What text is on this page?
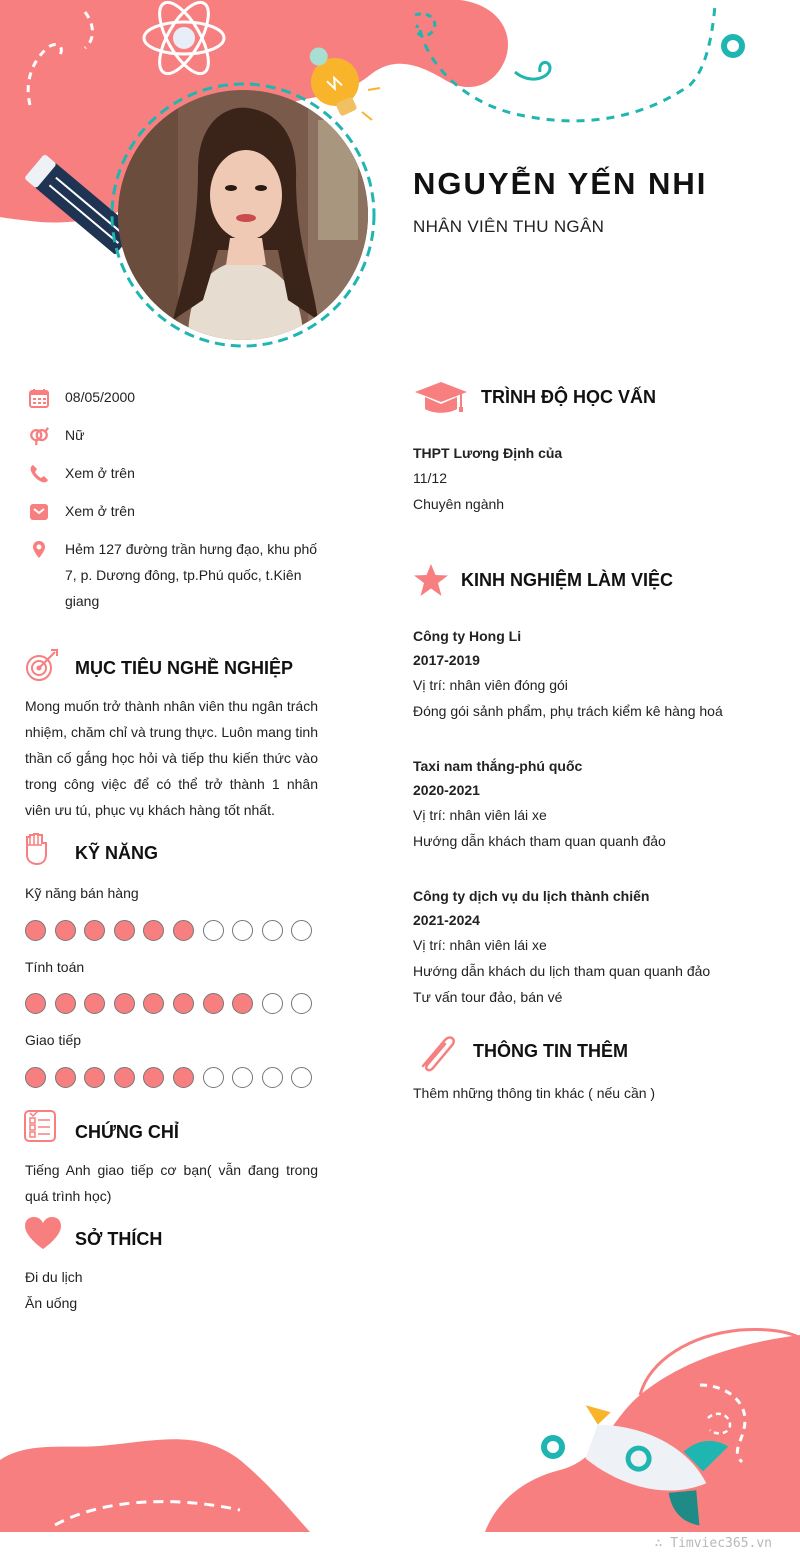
NGUYỄN YẾN NHI
NHÂN VIÊN THU NGÂN
08/05/2000
Nữ
Xem ở trên
Xem ở trên
Hẻm 127 đường trần hưng đạo, khu phố 7, p. Dương đông, tp.Phú quốc, t.Kiên giang
MỤC TIÊU NGHỀ NGHIỆP
Mong muốn trở thành nhân viên thu ngân trách nhiệm, chăm chỉ và trung thực. Luôn mang tinh thần cố gắng học hỏi và tiếp thu kiến thức vào trong công việc để có thể trở thành 1 nhân viên ưu tú, phục vụ khách hàng tốt nhất.
KỸ NĂNG
Kỹ năng bán hàng
Tính toán
Giao tiếp
CHỨNG CHỈ
Tiếng Anh giao tiếp cơ bạn( vẫn đang trong quá trình học)
SỞ THÍCH
Đi du lịch
Ăn uống
TRÌNH ĐỘ HỌC VẤN
THPT Lương Định của
11/12
Chuyên ngành
KINH NGHIỆM LÀM VIỆC
Công ty Hong Li
2017-2019
Vị trí: nhân viên đóng gói
Đóng gói sảnh phẩm, phụ trách kiểm kê hàng hoá
Taxi nam thắng-phú quốc
2020-2021
Vị trí: nhân viên lái xe
Hướng dẫn khách tham quan quanh đảo
Công ty dịch vụ du lịch thành chiến
2021-2024
Vị trí: nhân viên lái xe
Hướng dẫn khách du lịch tham quan quanh đảo
Tư vấn tour đảo, bán vé
THÔNG TIN THÊM
Thêm những thông tin khác ( nếu cần )
∴ Timviec365.vn
